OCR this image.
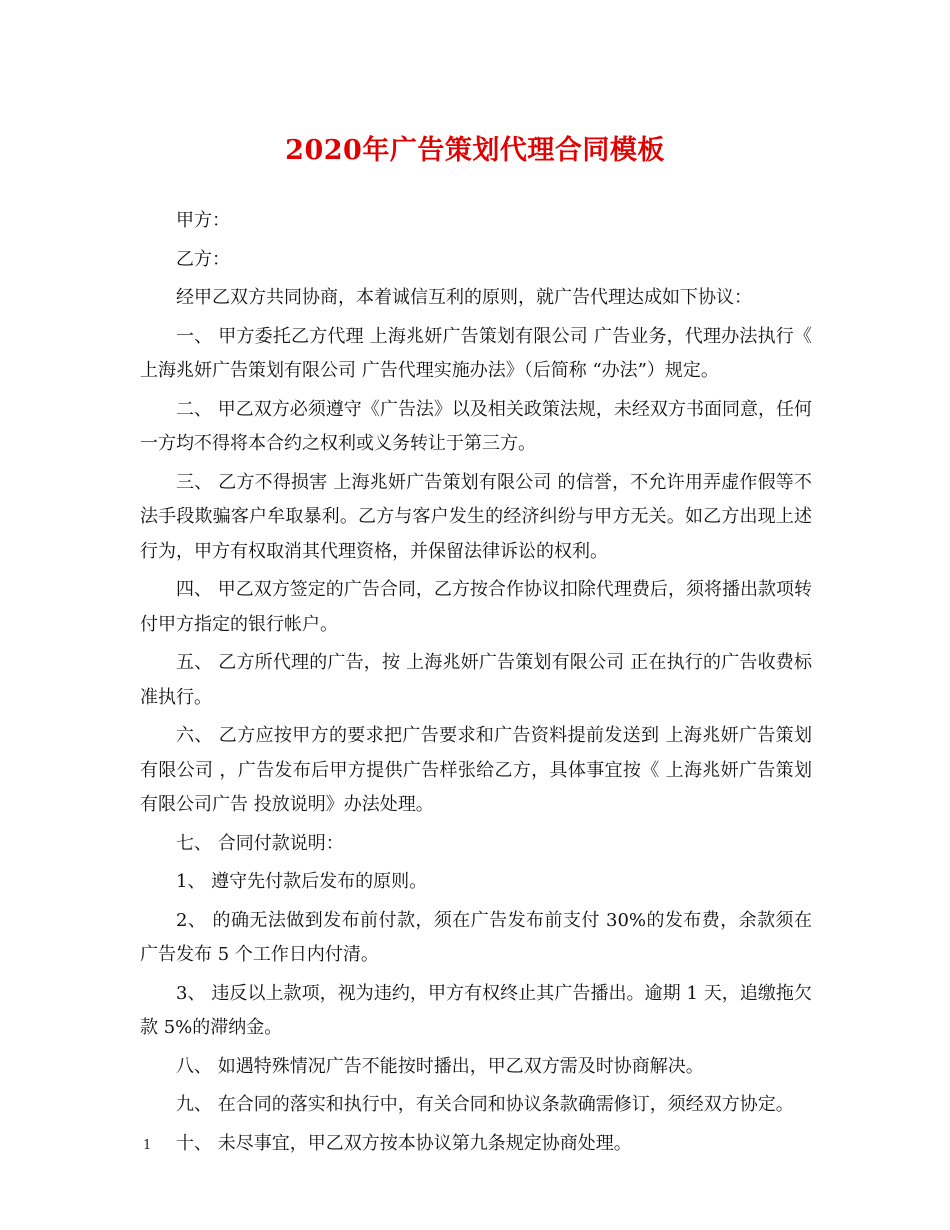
2020年广告策划代理合同模板

甲方：

乙方：

经甲乙双方共同协商，本着诚信互利的原则，就广告代理达成如下协议：

一、 甲方委托乙方代理 上海兆妍广告策划有限公司 广告业务，代理办法执行《 上海兆妍广告策划有限公司 广告代理实施办法》（后简称 “办法”）规定。

二、 甲乙双方必须遵守《广告法》以及相关政策法规，未经双方书面同意，任何一方均不得将本合约之权利或义务转让于第三方。

三、 乙方不得损害 上海兆妍广告策划有限公司 的信誉，不允许用弄虚作假等不法手段欺骗客户牟取暴利。乙方与客户发生的经济纠纷与甲方无关。如乙方出现上述行为，甲方有权取消其代理资格，并保留法律诉讼的权利。

四、 甲乙双方签定的广告合同，乙方按合作协议扣除代理费后，须将播出款项转付甲方指定的银行帐户。

五、 乙方所代理的广告，按 上海兆妍广告策划有限公司 正在执行的广告收费标准执行。

六、 乙方应按甲方的要求把广告要求和广告资料提前发送到 上海兆妍广告策划有限公司 ，广告发布后甲方提供广告样张给乙方，具体事宜按《 上海兆妍广告策划有限公司广告 投放说明》办法处理。

七、 合同付款说明：

1、 遵守先付款后发布的原则。

2、 的确无法做到发布前付款，须在广告发布前支付 30%的发布费，余款须在广告发布 5 个工作日内付清。

3、 违反以上款项，视为违约，甲方有权终止其广告播出。逾期 1 天，追缴拖欠款 5%的滞纳金。

八、 如遇特殊情况广告不能按时播出，甲乙双方需及时协商解决。

九、 在合同的落实和执行中，有关合同和协议条款确需修订，须经双方协定。

十、 未尽事宜，甲乙双方按本协议第九条规定协商处理。

1
